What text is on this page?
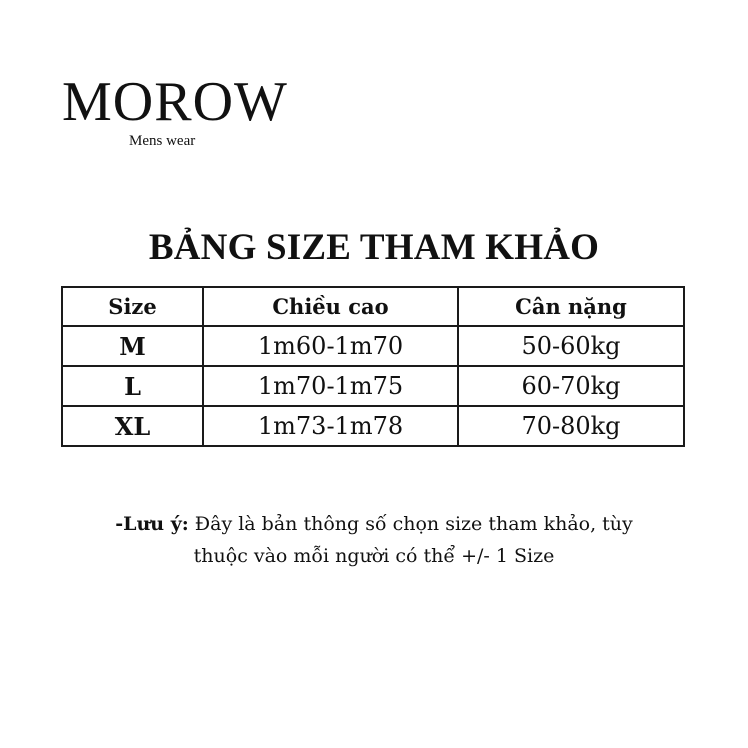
MOROW
Mens wear
BẢNG SIZE THAM KHẢO
Size	Chiều cao	Cân nặng
M	1m60-1m70	50-60kg
L	1m70-1m75	60-70kg
XL	1m73-1m78	70-80kg
-Lưu ý: Đây là bản thông số chọn size tham khảo, tùy
thuộc vào mỗi người có thể +/- 1 Size
